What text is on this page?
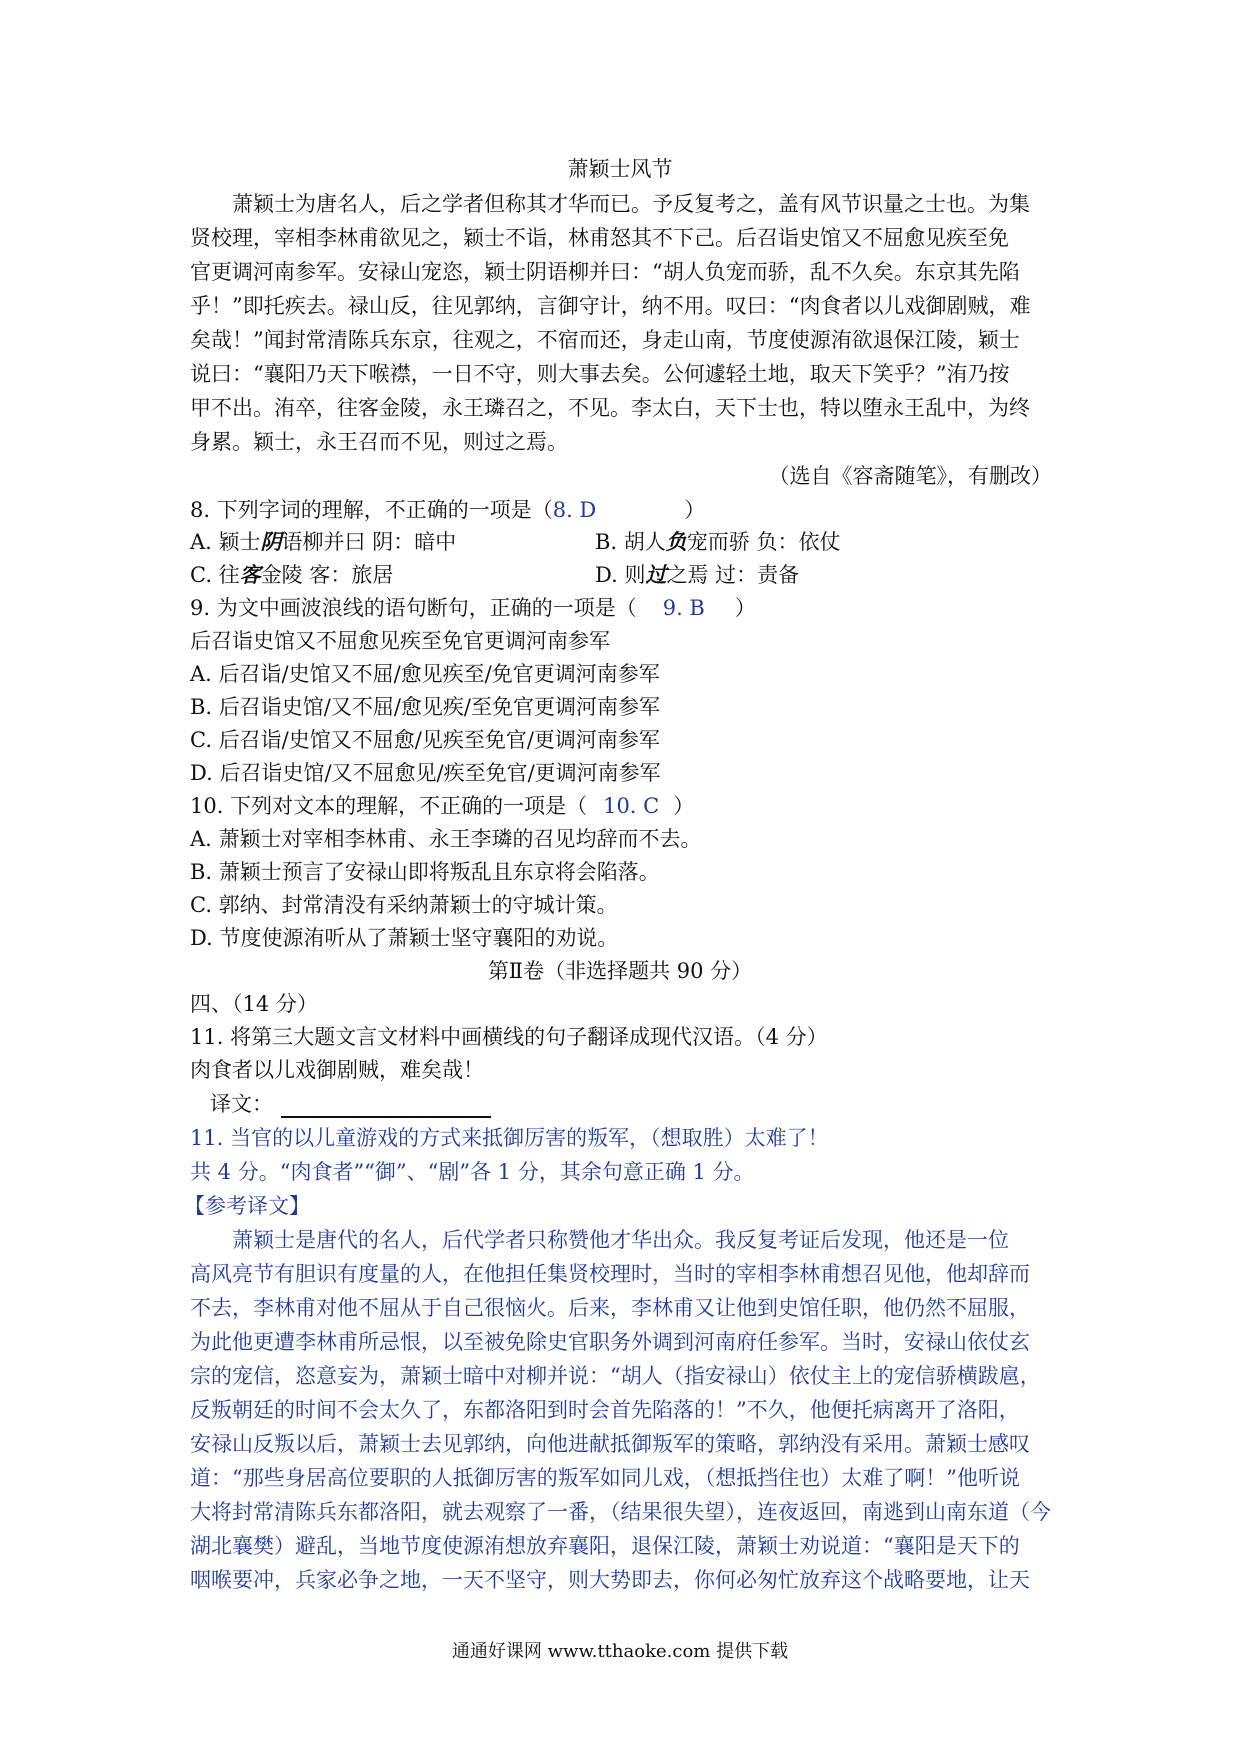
萧颖士风节
萧颖士为唐名人，后之学者但称其才华而已。予反复考之，盖有风节识量之士也。为集
贤校理，宰相李林甫欲见之，颖士不诣，林甫怒其不下己。后召诣史馆又不屈愈见疾至免
官更调河南参军。安禄山宠恣，颖士阴语柳并曰：“胡人负宠而骄，乱不久矣。东京其先陷
乎！”即托疾去。禄山反，往见郭纳，言御守计，纳不用。叹曰：“肉食者以儿戏御剧贼，难
矣哉！”闻封常清陈兵东京，往观之，不宿而还，身走山南，节度使源洧欲退保江陵，颖士
说曰：“襄阳乃天下喉襟，一日不守，则大事去矣。公何遽轻土地，取天下笑乎？”洧乃按
甲不出。洧卒，往客金陵，永王璘召之，不见。李太白，天下士也，特以堕永王乱中，为终
身累。颖士，永王召而不见，则过之焉。
（选自《容斋随笔》，有删改）
8. 下列字词的理解，不正确的一项是（8. D	）
A. 颖士阴语柳并曰 阴：暗中	B. 胡人负宠而骄 负：依仗
C. 往客金陵 客：旅居	D. 则过之焉 过：责备
9. 为文中画波浪线的语句断句，正确的一项是（ 9. B ）
后召诣史馆又不屈愈见疾至免官更调河南参军
A. 后召诣/史馆又不屈/愈见疾至/免官更调河南参军
B. 后召诣史馆/又不屈/愈见疾/至免官更调河南参军
C. 后召诣/史馆又不屈愈/见疾至免官/更调河南参军
D. 后召诣史馆/又不屈愈见/疾至免官/更调河南参军
10. 下列对文本的理解，不正确的一项是（ 10. C ）
A. 萧颖士对宰相李林甫、永王李璘的召见均辞而不去。
B. 萧颖士预言了安禄山即将叛乱且东京将会陷落。
C. 郭纳、封常清没有采纳萧颖士的守城计策。
D. 节度使源洧听从了萧颖士坚守襄阳的劝说。
第Ⅱ卷（非选择题共 90 分）
四、（14 分）
11. 将第三大题文言文材料中画横线的句子翻译成现代汉语。（4 分）
肉食者以儿戏御剧贼，难矣哉！
译文：
11. 当官的以儿童游戏的方式来抵御厉害的叛军，（想取胜）太难了！
共 4 分。“肉食者”“御”、“剧”各 1 分，其余句意正确 1 分。
【参考译文】
萧颖士是唐代的名人，后代学者只称赞他才华出众。我反复考证后发现，他还是一位
高风亮节有胆识有度量的人，在他担任集贤校理时，当时的宰相李林甫想召见他，他却辞而
不去，李林甫对他不屈从于自己很恼火。后来，李林甫又让他到史馆任职，他仍然不屈服，
为此他更遭李林甫所忌恨，以至被免除史官职务外调到河南府任参军。当时，安禄山依仗玄
宗的宠信，恣意妄为，萧颖士暗中对柳并说：“胡人（指安禄山）依仗主上的宠信骄横跋扈，
反叛朝廷的时间不会太久了，东都洛阳到时会首先陷落的！”不久，他便托病离开了洛阳，
安禄山反叛以后，萧颖士去见郭纳，向他进献抵御叛军的策略，郭纳没有采用。萧颖士感叹
道：“那些身居高位要职的人抵御厉害的叛军如同儿戏，（想抵挡住也）太难了啊！”他听说
大将封常清陈兵东都洛阳，就去观察了一番，（结果很失望），连夜返回，南逃到山南东道（今
湖北襄樊）避乱，当地节度使源洧想放弃襄阳，退保江陵，萧颖士劝说道：“襄阳是天下的
咽喉要冲，兵家必争之地，一天不坚守，则大势即去，你何必匆忙放弃这个战略要地，让天
通通好课网 www.tthaoke.com 提供下载
